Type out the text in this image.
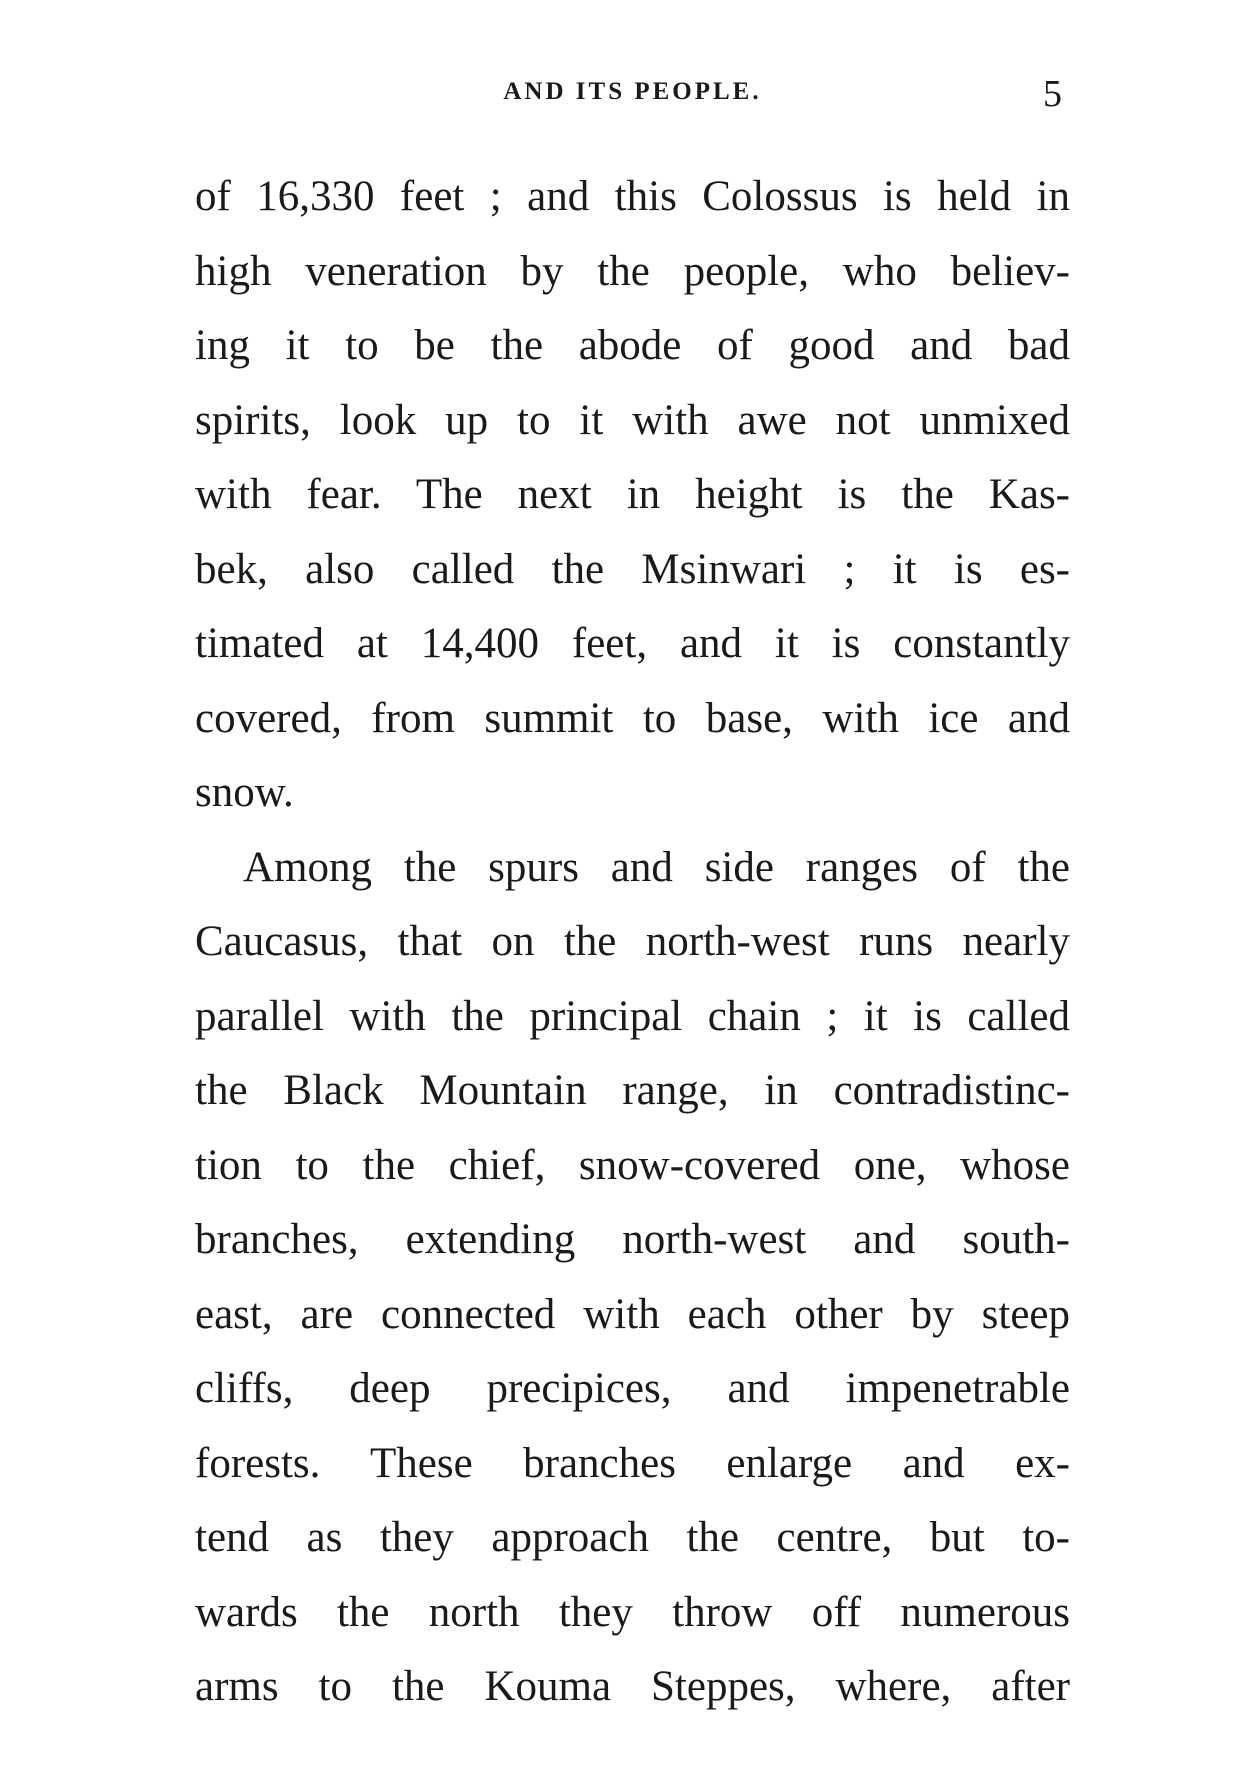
AND ITS PEOPLE.	5
of 16,330 feet ; and this Colossus is held in
high veneration by the people, who believ-
ing it to be the abode of good and bad
spirits, look up to it with awe not unmixed
with fear. The next in height is the Kas-
bek, also called the Msinwari ; it is es-
timated at 14,400 feet, and it is constantly
covered, from summit to base, with ice and
snow.
Among the spurs and side ranges of the
Caucasus, that on the north-west runs nearly
parallel with the principal chain ; it is called
the Black Mountain range, in contradistinc-
tion to the chief, snow-covered one, whose
branches, extending north-west and south-
east, are connected with each other by steep
cliffs, deep precipices, and impenetrable
forests. These branches enlarge and ex-
tend as they approach the centre, but to-
wards the north they throw off numerous
arms to the Kouma Steppes, where, after
